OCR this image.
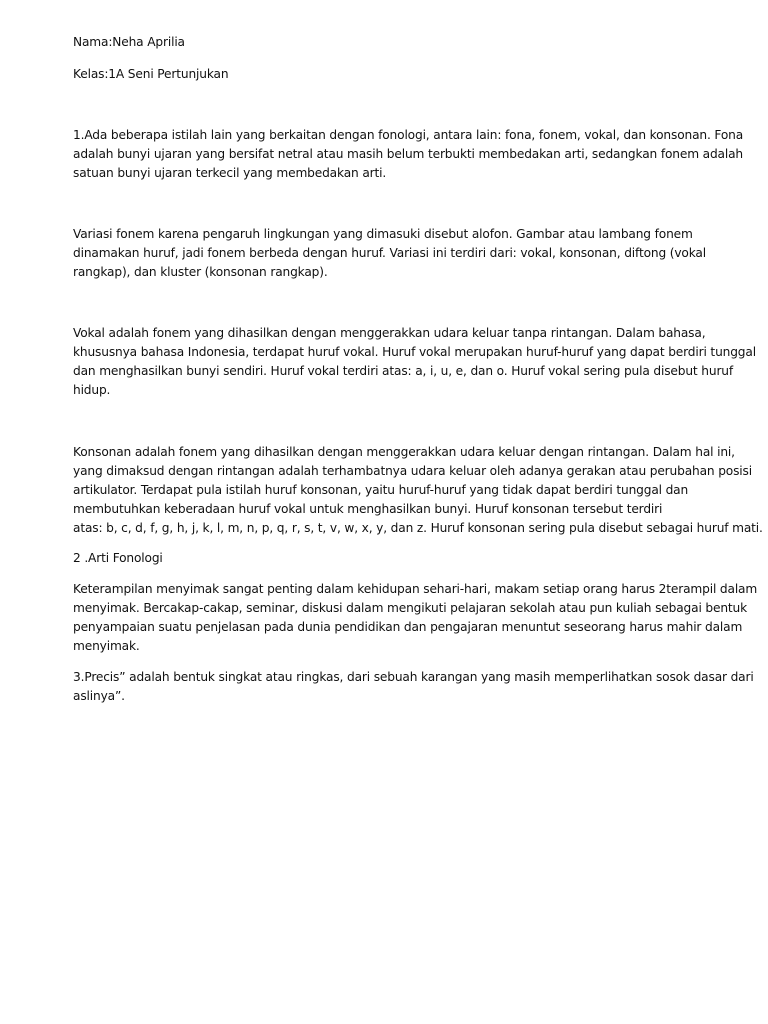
Nama:Neha Aprilia
Kelas:1A Seni Pertunjukan
1.Ada beberapa istilah lain yang berkaitan dengan fonologi, antara lain: fona, fonem, vokal, dan konsonan. Fona
adalah bunyi ujaran yang bersifat netral atau masih belum terbukti membedakan arti, sedangkan fonem adalah
satuan bunyi ujaran terkecil yang membedakan arti.
Variasi fonem karena pengaruh lingkungan yang dimasuki disebut alofon. Gambar atau lambang fonem
dinamakan huruf, jadi fonem berbeda dengan huruf. Variasi ini terdiri dari: vokal, konsonan, diftong (vokal
rangkap), dan kluster (konsonan rangkap).
Vokal adalah fonem yang dihasilkan dengan menggerakkan udara keluar tanpa rintangan. Dalam bahasa,
khususnya bahasa Indonesia, terdapat huruf vokal. Huruf vokal merupakan huruf-huruf yang dapat berdiri tunggal
dan menghasilkan bunyi sendiri. Huruf vokal terdiri atas: a, i, u, e, dan o. Huruf vokal sering pula disebut huruf
hidup.
Konsonan adalah fonem yang dihasilkan dengan menggerakkan udara keluar dengan rintangan. Dalam hal ini,
yang dimaksud dengan rintangan adalah terhambatnya udara keluar oleh adanya gerakan atau perubahan posisi
artikulator. Terdapat pula istilah huruf konsonan, yaitu huruf-huruf yang tidak dapat berdiri tunggal dan
membutuhkan keberadaan huruf vokal untuk menghasilkan bunyi. Huruf konsonan tersebut terdiri
atas: b, c, d, f, g, h, j, k, l, m, n, p, q, r, s, t, v, w, x, y, dan z. Huruf konsonan sering pula disebut sebagai huruf mati.
2 .Arti Fonologi
Keterampilan menyimak sangat penting dalam kehidupan sehari-hari, makam setiap orang harus 2terampil dalam
menyimak. Bercakap-cakap, seminar, diskusi dalam mengikuti pelajaran sekolah atau pun kuliah sebagai bentuk
penyampaian suatu penjelasan pada dunia pendidikan dan pengajaran menuntut seseorang harus mahir dalam
menyimak.
3.Precis” adalah bentuk singkat atau ringkas, dari sebuah karangan yang masih memperlihatkan sosok dasar dari
aslinya”.
